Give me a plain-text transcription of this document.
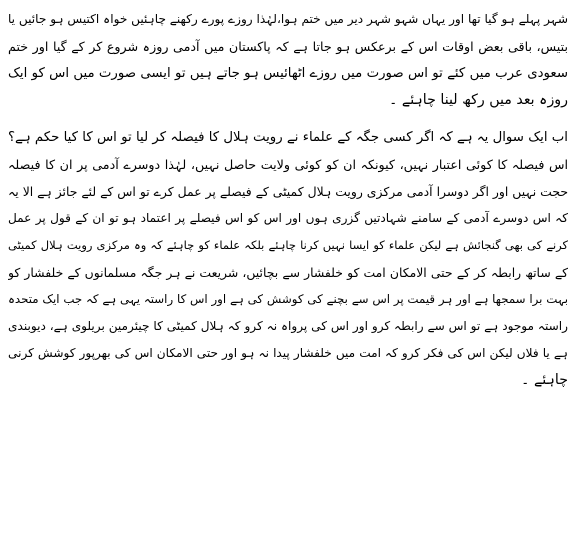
شہر پہلے ہو گیا تھا اور یہاں شہو شہر دیر میں ختم ہوا،لہٰذا روزے پورے رکھنے چاہئیں خواہ اکتیس ہو جائیں یا
بتیس، باقی بعض اوقات اس کے برعکس ہو جاتا ہے کہ پاکستان میں آدمی روزہ شروع کر کے گیا اور ختم
سعودی عرب میں کئے تو اس صورت میں روزے اٹھائیس ہو جاتے ہیں تو ایسی صورت میں اس کو ایک
روزہ بعد میں رکھ لینا چاہئے ۔
اب ایک سوال یہ ہے کہ اگر کسی جگہ کے علماء نے رویت ہلال کا فیصلہ کر لیا تو اس کا کیا حکم ہے؟
اس فیصلہ کا کوئی اعتبار نہیں، کیونکہ ان کو کوئی ولایت حاصل نہیں، لہٰذا دوسرے آدمی پر ان کا فیصلہ
حجت نہیں اور اگر دوسرا آدمی مرکزی رویت ہلال کمیٹی کے فیصلے پر عمل کرے تو اس کے لئے جائز ہے الا یہ
کہ اس دوسرے آدمی کے سامنے شہادتیں گزری ہوں اور اس کو اس فیصلے پر اعتماد ہو تو ان کے قول پر عمل
کرنے کی بھی گنجائش ہے لیکن علماء کو ایسا نہیں کرنا چاہئے بلکہ علماء کو چاہئے کہ وہ مرکزی رویت ہلال کمیٹی
کے ساتھ رابطہ کر کے حتی الامکان امت کو خلفشار سے بچائیں، شریعت نے ہر جگہ مسلمانوں کے خلفشار کو
بہت برا سمجھا ہے اور ہر قیمت پر اس سے بچنے کی کوشش کی ہے اور اس کا راستہ یہی ہے کہ جب ایک متحدہ
راستہ موجود ہے تو اس سے رابطہ کرو اور اس کی پرواہ نہ کرو کہ ہلال کمیٹی کا چیئرمین بریلوی ہے، دیوبندی
ہے یا فلاں لیکن اس کی فکر کرو کہ امت میں خلفشار پیدا نہ ہو اور حتی الامکان اس کی بھرپور کوشش کرنی
چاہئے ۔
